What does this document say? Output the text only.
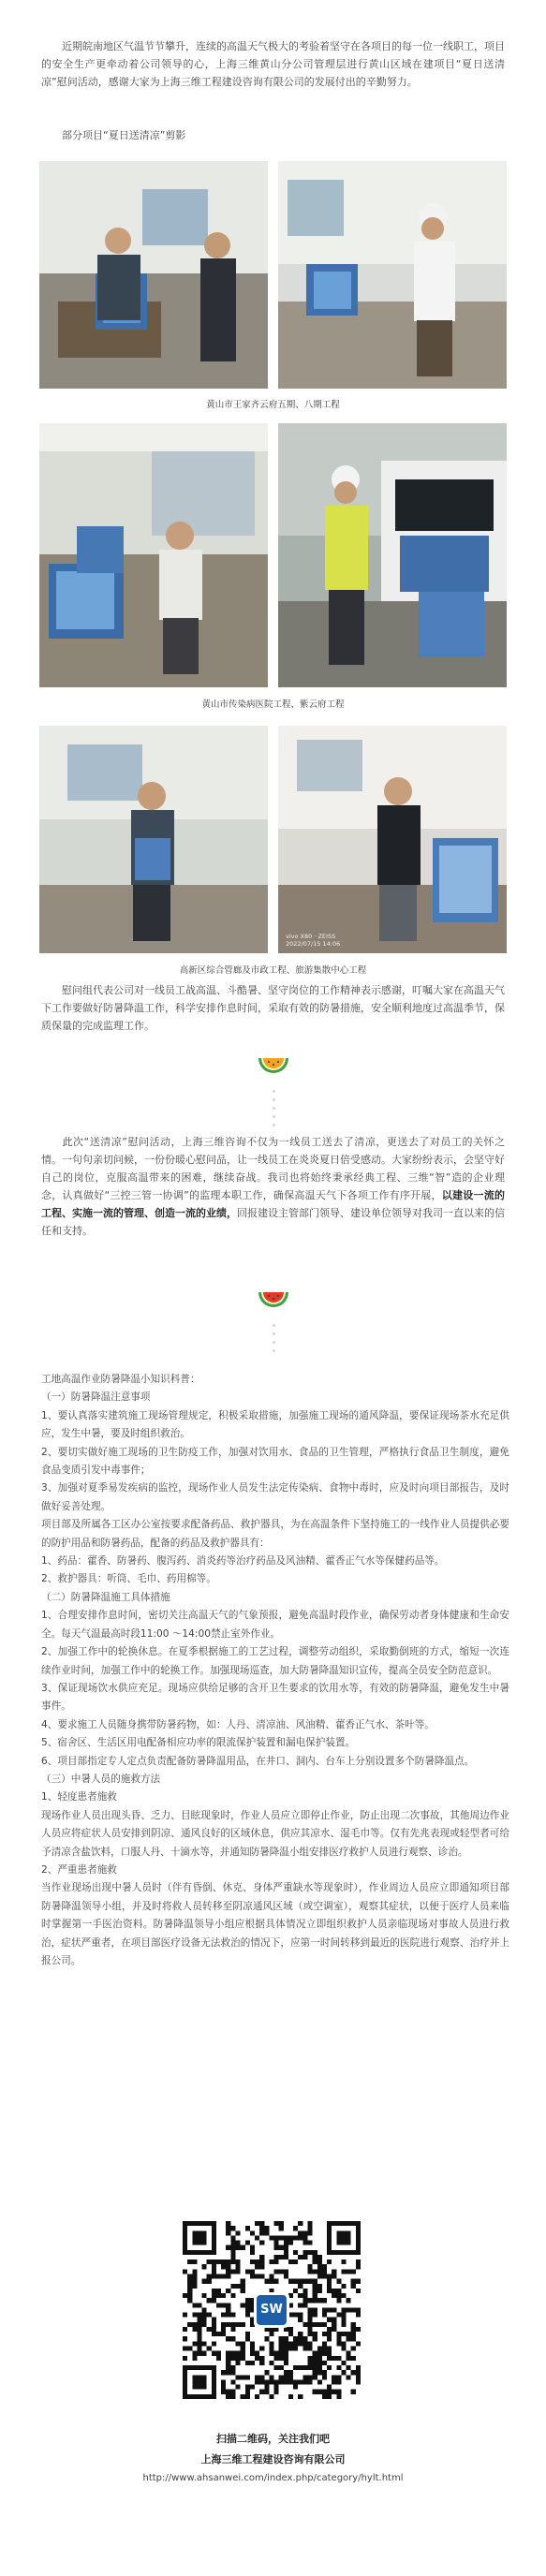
近期皖南地区气温节节攀升，连续的高温天气极大的考验着坚守在各项目的每一位一线职工，项目的安全生产更牵动着公司领导的心，上海三维黄山分公司管理层进行黄山区域在建项目“夏日送清凉”慰问活动，感谢大家为上海三维工程建设咨询有限公司的发展付出的辛勤努力。

部分项目“夏日送清凉”剪影

黄山市王家齐云府五期、八期工程
黄山市传染病医院工程、紫云府工程
vivo X80 · ZEISS
2022/07/15 14:06
高新区综合管廊及市政工程、旅游集散中心工程

慰问组代表公司对一线员工战高温、斗酷暑、坚守岗位的工作精神表示感谢，叮嘱大家在高温天气下工作要做好防暑降温工作，科学安排作息时间，采取有效的防暑措施，安全顺利地度过高温季节，保质保量的完成监理工作。

此次“送清凉”慰问活动，上海三维咨询不仅为一线员工送去了清凉，更送去了对员工的关怀之情。一句句亲切问候，一份份暖心慰问品，让一线员工在炎炎夏日倍受感动。大家纷纷表示，会坚守好自己的岗位，克服高温带来的困难，继续奋战。我司也将始终秉承经典工程、三维“智”造的企业理念，认真做好“三控三管一协调”的监理本职工作，确保高温天气下各项工作有序开展，以建设一流的工程、实施一流的管理、创造一流的业绩，回报建设主管部门领导、建设单位领导对我司一直以来的信任和支持。

工地高温作业防暑降温小知识科普：

（一）防暑降温注意事项

1、要认真落实建筑施工现场管理规定，积极采取措施，加强施工现场的通风降温，要保证现场茶水充足供应，发生中暑，要及时组织救治。

2、要切实做好施工现场的卫生防疫工作，加强对饮用水、食品的卫生管理，严格执行食品卫生制度，避免食品变质引发中毒事件；

3、加强对夏季易发疾病的监控，现场作业人员发生法定传染病、食物中毒时，应及时向项目部报告，及时做好妥善处理。

项目部及所属各工区办公室按要求配备药品、救护器具，为在高温条件下坚持施工的一线作业人员提供必要的防护用品和防暑药品，配备的药品及救护器具有：

1、药品：藿香、防暑药、腹泻药、消炎药等治疗药品及风油精、藿香正气水等保健药品等。

2、救护器具：听筒、毛巾、药用棉等。

（二）防暑降温施工具体措施

1、合理安排作息时间，密切关注高温天气的气象预报，避免高温时段作业，确保劳动者身体健康和生命安全。每天气温最高时段11:00 ～14:00禁止室外作业。

2、加强工作中的轮换休息。在夏季根据施工的工艺过程，调整劳动组织，采取勤倒班的方式，缩短一次连续作业时间，加强工作中的轮换工作。加强现场巡查，加大防暑降温知识宣传，提高全员安全防范意识。

3、保证现场饮水供应充足。现场应供给足够的含开卫生要求的饮用水等，有效的防暑降温，避免发生中暑事件。

4、要求施工人员随身携带防暑药物，如：人丹、清凉油、风油精、藿香正气水、茶叶等。

5、宿舍区、生活区用电配备相应功率的限流保护装置和漏电保护装置。

6、项目部指定专人定点负责配备防暑降温用品，在井口、洞内、台车上分别设置多个防暑降温点。

（三）中暑人员的施救方法

1、轻度患者施救

现场作业人员出现头昏、乏力、目眩现象时，作业人员应立即停止作业，防止出现二次事故，其他周边作业人员应将症状人员安排到阴凉、通风良好的区域休息，供应其凉水、湿毛巾等。仅有先兆表现或轻型者可给予清凉含盐饮料，口服人丹、十滴水等，并通知防暑降温小组安排医疗救护人员进行观察、诊治。

2、严重患者施救

当作业现场出现中暑人员时（伴有昏倒、休克、身体严重缺水等现象时），作业周边人员应立即通知项目部防暑降温领导小组，并及时将救人员转移至阴凉通风区域（或空调室），观察其症状，以便于医疗人员来临时掌握第一手医治资料。防暑降温领导小组应根据具体情况立即组织救护人员亲临现场对事故人员进行救治，症状严重者，在项目部医疗设备无法救治的情况下，应第一时间转移到最近的医院进行观察、治疗并上报公司。

SW
扫描二维码，关注我们吧
上海三维工程建设咨询有限公司
http://www.ahsanwei.com/index.php/category/hylt.html
